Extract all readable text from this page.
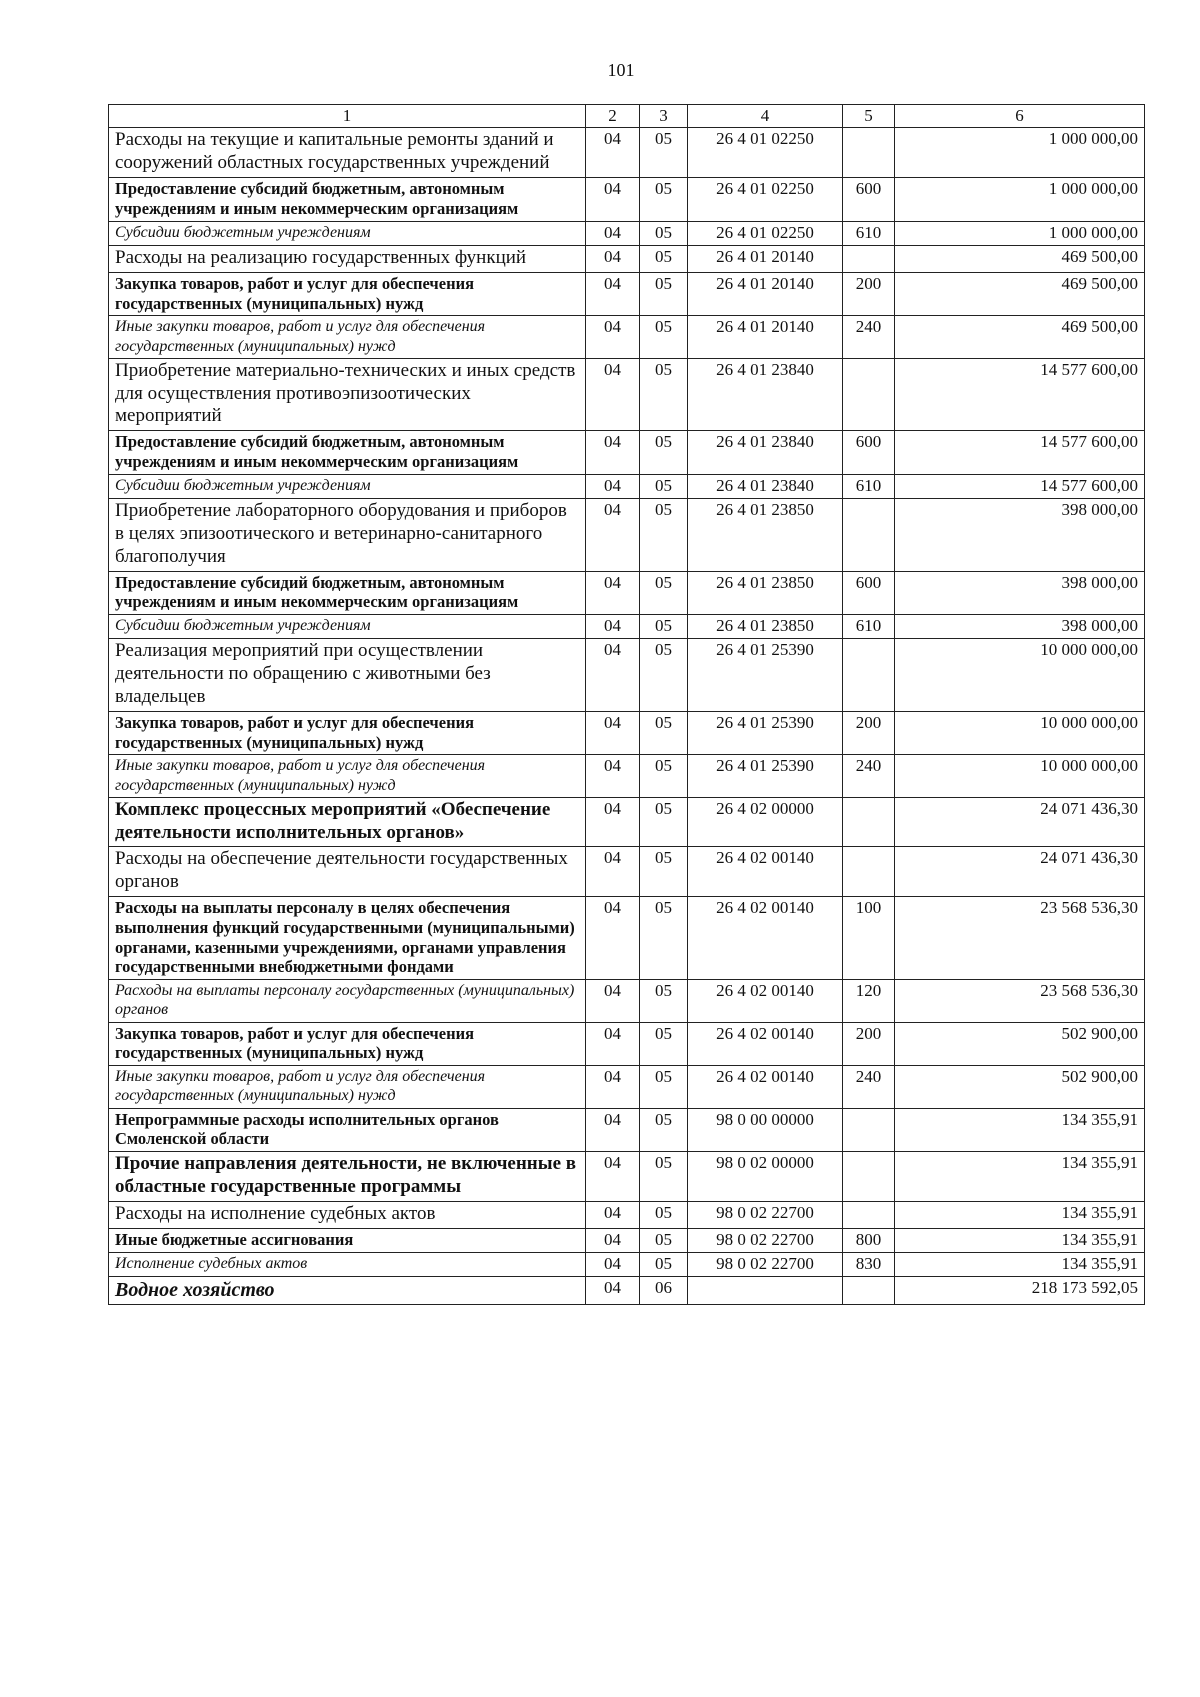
101
1	2	3	4	5	6
Расходы на текущие и капитальные ремонты зданий и сооружений областных государственных учреждений	04	05	26 4 01 02250		1 000 000,00
Предоставление субсидий бюджетным, автономным учреждениям и иным некоммерческим организациям	04	05	26 4 01 02250	600	1 000 000,00
Субсидии бюджетным учреждениям	04	05	26 4 01 02250	610	1 000 000,00
Расходы на реализацию государственных функций	04	05	26 4 01 20140		469 500,00
Закупка товаров, работ и услуг для обеспечения государственных (муниципальных) нужд	04	05	26 4 01 20140	200	469 500,00
Иные закупки товаров, работ и услуг для обеспечения государственных (муниципальных) нужд	04	05	26 4 01 20140	240	469 500,00
Приобретение материально-технических и иных средств для осуществления противоэпизоотических мероприятий	04	05	26 4 01 23840		14 577 600,00
Предоставление субсидий бюджетным, автономным учреждениям и иным некоммерческим организациям	04	05	26 4 01 23840	600	14 577 600,00
Субсидии бюджетным учреждениям	04	05	26 4 01 23840	610	14 577 600,00
Приобретение лабораторного оборудования и приборов в целях эпизоотического и ветеринарно-санитарного благополучия	04	05	26 4 01 23850		398 000,00
Предоставление субсидий бюджетным, автономным учреждениям и иным некоммерческим организациям	04	05	26 4 01 23850	600	398 000,00
Субсидии бюджетным учреждениям	04	05	26 4 01 23850	610	398 000,00
Реализация мероприятий при осуществлении деятельности по обращению с животными без владельцев	04	05	26 4 01 25390		10 000 000,00
Закупка товаров, работ и услуг для обеспечения государственных (муниципальных) нужд	04	05	26 4 01 25390	200	10 000 000,00
Иные закупки товаров, работ и услуг для обеспечения государственных (муниципальных) нужд	04	05	26 4 01 25390	240	10 000 000,00
Комплекс процессных мероприятий «Обеспечение деятельности исполнительных органов»	04	05	26 4 02 00000		24 071 436,30
Расходы на обеспечение деятельности государственных органов	04	05	26 4 02 00140		24 071 436,30
Расходы на выплаты персоналу в целях обеспечения выполнения функций государственными (муниципальными) органами, казенными учреждениями, органами управления государственными внебюджетными фондами	04	05	26 4 02 00140	100	23 568 536,30
Расходы на выплаты персоналу государственных (муниципальных) органов	04	05	26 4 02 00140	120	23 568 536,30
Закупка товаров, работ и услуг для обеспечения государственных (муниципальных) нужд	04	05	26 4 02 00140	200	502 900,00
Иные закупки товаров, работ и услуг для обеспечения государственных (муниципальных) нужд	04	05	26 4 02 00140	240	502 900,00
Непрограммные расходы исполнительных органов Смоленской области	04	05	98 0 00 00000		134 355,91
Прочие направления деятельности, не включенные в областные государственные программы	04	05	98 0 02 00000		134 355,91
Расходы на исполнение судебных актов	04	05	98 0 02 22700		134 355,91
Иные бюджетные ассигнования	04	05	98 0 02 22700	800	134 355,91
Исполнение судебных актов	04	05	98 0 02 22700	830	134 355,91
Водное хозяйство	04	06			218 173 592,05
